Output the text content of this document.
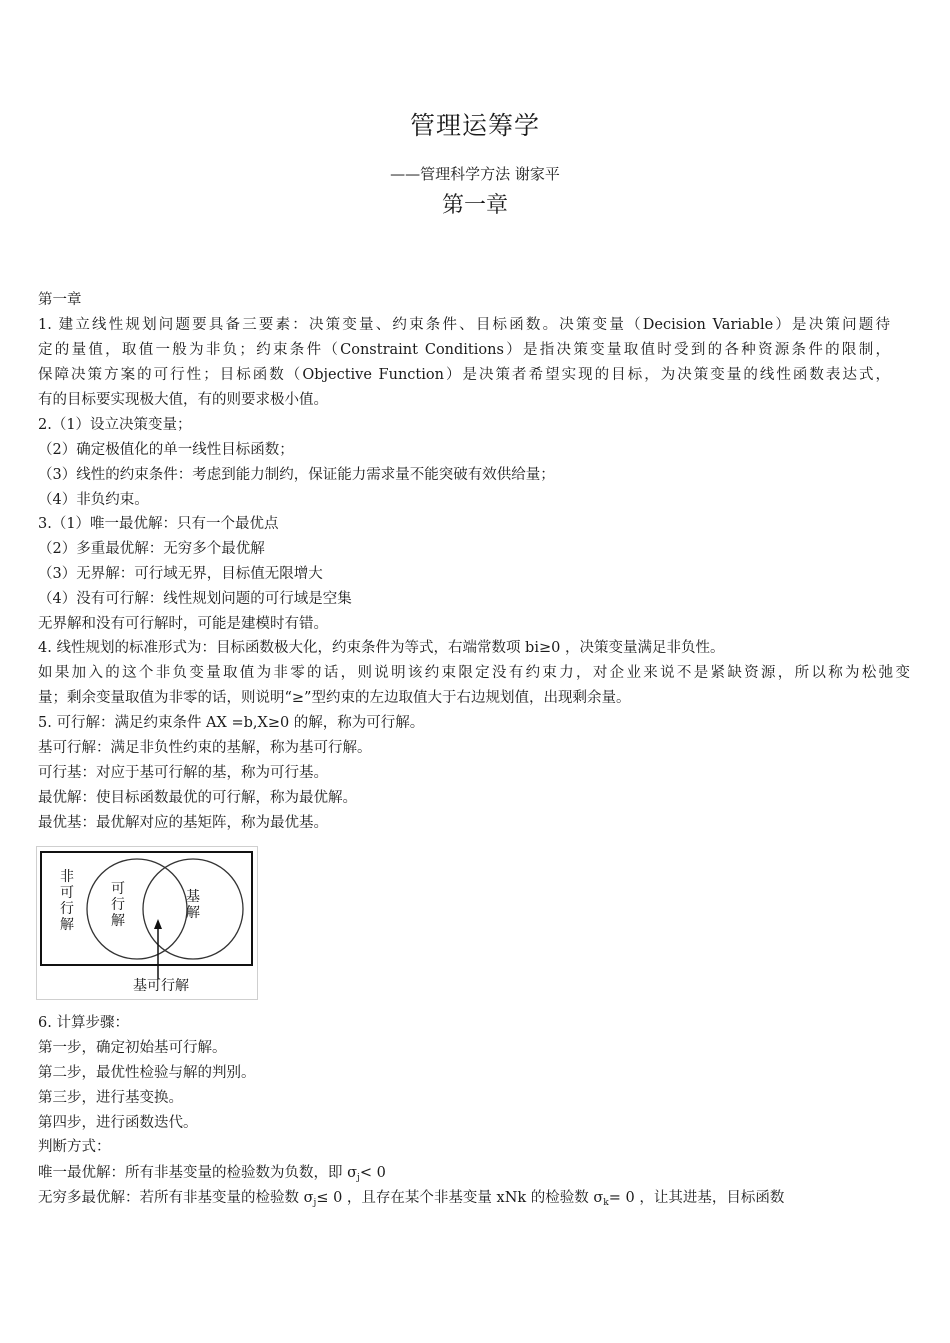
管理运筹学
——管理科学方法 谢家平
第一章
第一章
1. 建立线性规划问题要具备三要素：决策变量、约束条件、目标函数。决策变量（Decision Variable）是决策问题待
定的量值，取值一般为非负；约束条件（Constraint Conditions）是指决策变量取值时受到的各种资源条件的限制，
保障决策方案的可行性；目标函数（Objective Function）是决策者希望实现的目标，为决策变量的线性函数表达式，
有的目标要实现极大值，有的则要求极小值。
2.（1）设立决策变量；
（2）确定极值化的单一线性目标函数；
（3）线性的约束条件：考虑到能力制约，保证能力需求量不能突破有效供给量；
（4）非负约束。
3.（1）唯一最优解：只有一个最优点
（2）多重最优解：无穷多个最优解
（3）无界解：可行域无界，目标值无限增大
（4）没有可行解：线性规划问题的可行域是空集
无界解和没有可行解时，可能是建模时有错。
4. 线性规划的标准形式为：目标函数极大化，约束条件为等式，右端常数项 bi≥0 ，决策变量满足非负性。
如果加入的这个非负变量取值为非零的话，则说明该约束限定没有约束力，对企业来说不是紧缺资源，所以称为松弛变
量；剩余变量取值为非零的话，则说明“≥”型约束的左边取值大于右边规划值，出现剩余量。
5. 可行解：满足约束条件 AX =b,X≥0 的解，称为可行解。
基可行解：满足非负性约束的基解，称为基可行解。
可行基：对应于基可行解的基，称为可行基。
最优解：使目标函数最优的可行解，称为最优解。
最优基：最优解对应的基矩阵，称为最优基。
非
可
行
解
可
行
解
基
解
基可行解
6. 计算步骤：
第一步，确定初始基可行解。
第二步，最优性检验与解的判别。
第三步，进行基变换。
第四步，进行函数迭代。
判断方式：
唯一最优解：所有非基变量的检验数为负数，即 $\sigma_j< 0$
无穷多最优解：若所有非基变量的检验数 $\sigma_j\le 0$ ，且存在某个非基变量 xNk 的检验数 $\sigma_k= 0$ ，让其进基，目标函数
